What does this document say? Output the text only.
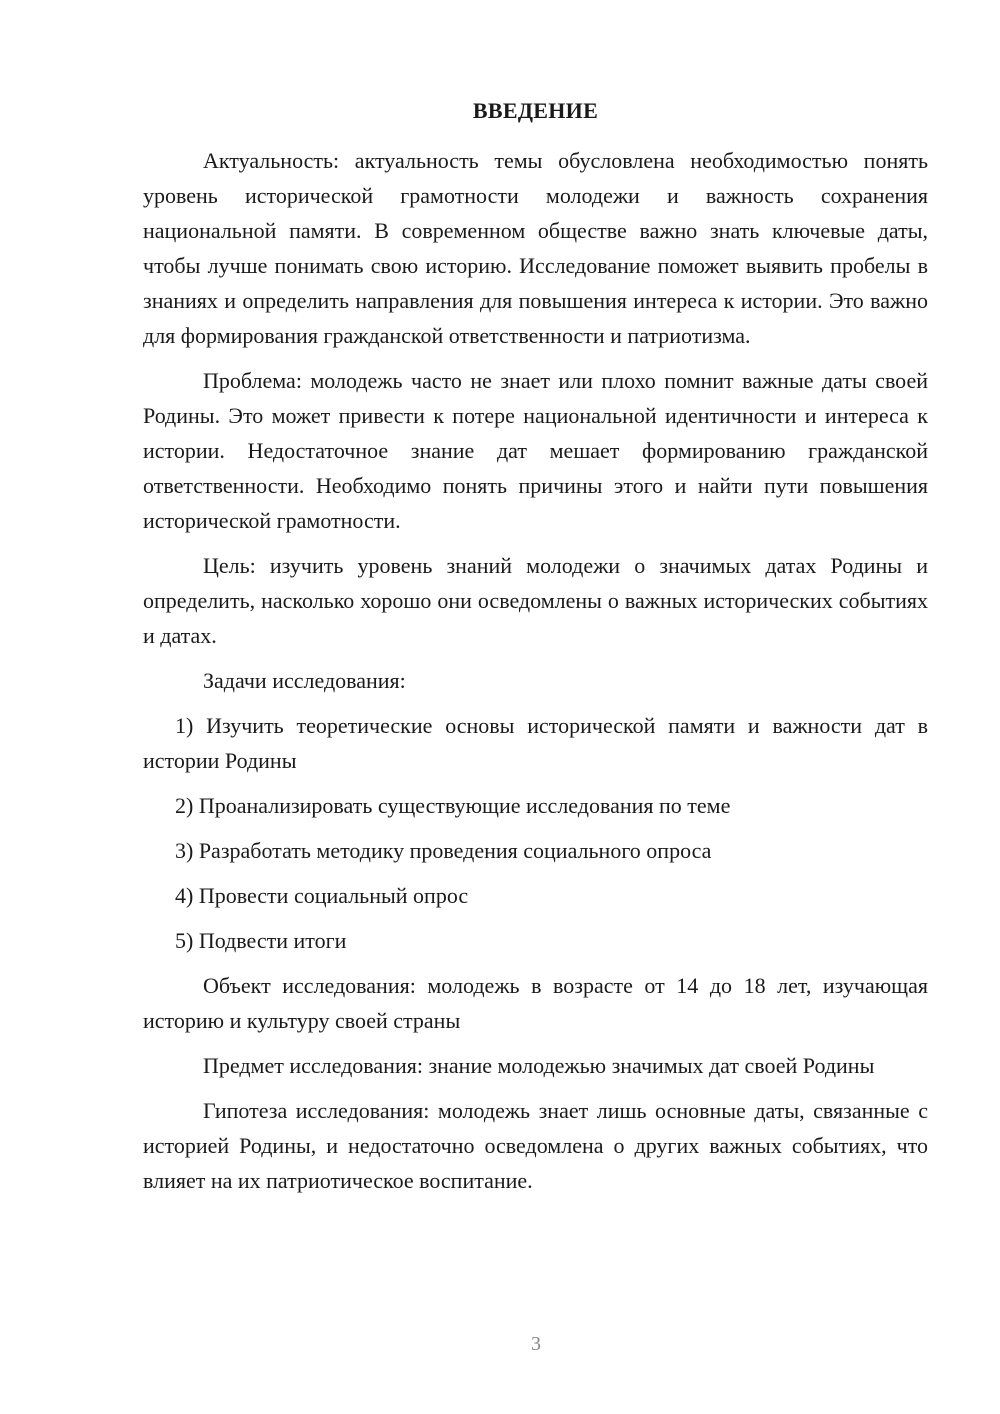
ВВЕДЕНИЕ

Актуальность: актуальность темы обусловлена необходимостью понять уровень исторической грамотности молодежи и важность сохранения национальной памяти. В современном обществе важно знать ключевые даты, чтобы лучше понимать свою историю. Исследование поможет выявить пробелы в знаниях и определить направления для повышения интереса к истории. Это важно для формирования гражданской ответственности и патриотизма.

Проблема: молодежь часто не знает или плохо помнит важные даты своей Родины. Это может привести к потере национальной идентичности и интереса к истории. Недостаточное знание дат мешает формированию гражданской ответственности. Необходимо понять причины этого и найти пути повышения исторической грамотности.

Цель: изучить уровень знаний молодежи о значимых датах Родины и определить, насколько хорошо они осведомлены о важных исторических событиях и датах.

Задачи исследования:

1) Изучить теоретические основы исторической памяти и важности дат в истории Родины

2) Проанализировать существующие исследования по теме

3) Разработать методику проведения социального опроса

4) Провести социальный опрос

5) Подвести итоги

Объект исследования: молодежь в возрасте от 14 до 18 лет, изучающая историю и культуру своей страны

Предмет исследования: знание молодежью значимых дат своей Родины

Гипотеза исследования: молодежь знает лишь основные даты, связанные с историей Родины, и недостаточно осведомлена о других важных событиях, что влияет на их патриотическое воспитание.

3
